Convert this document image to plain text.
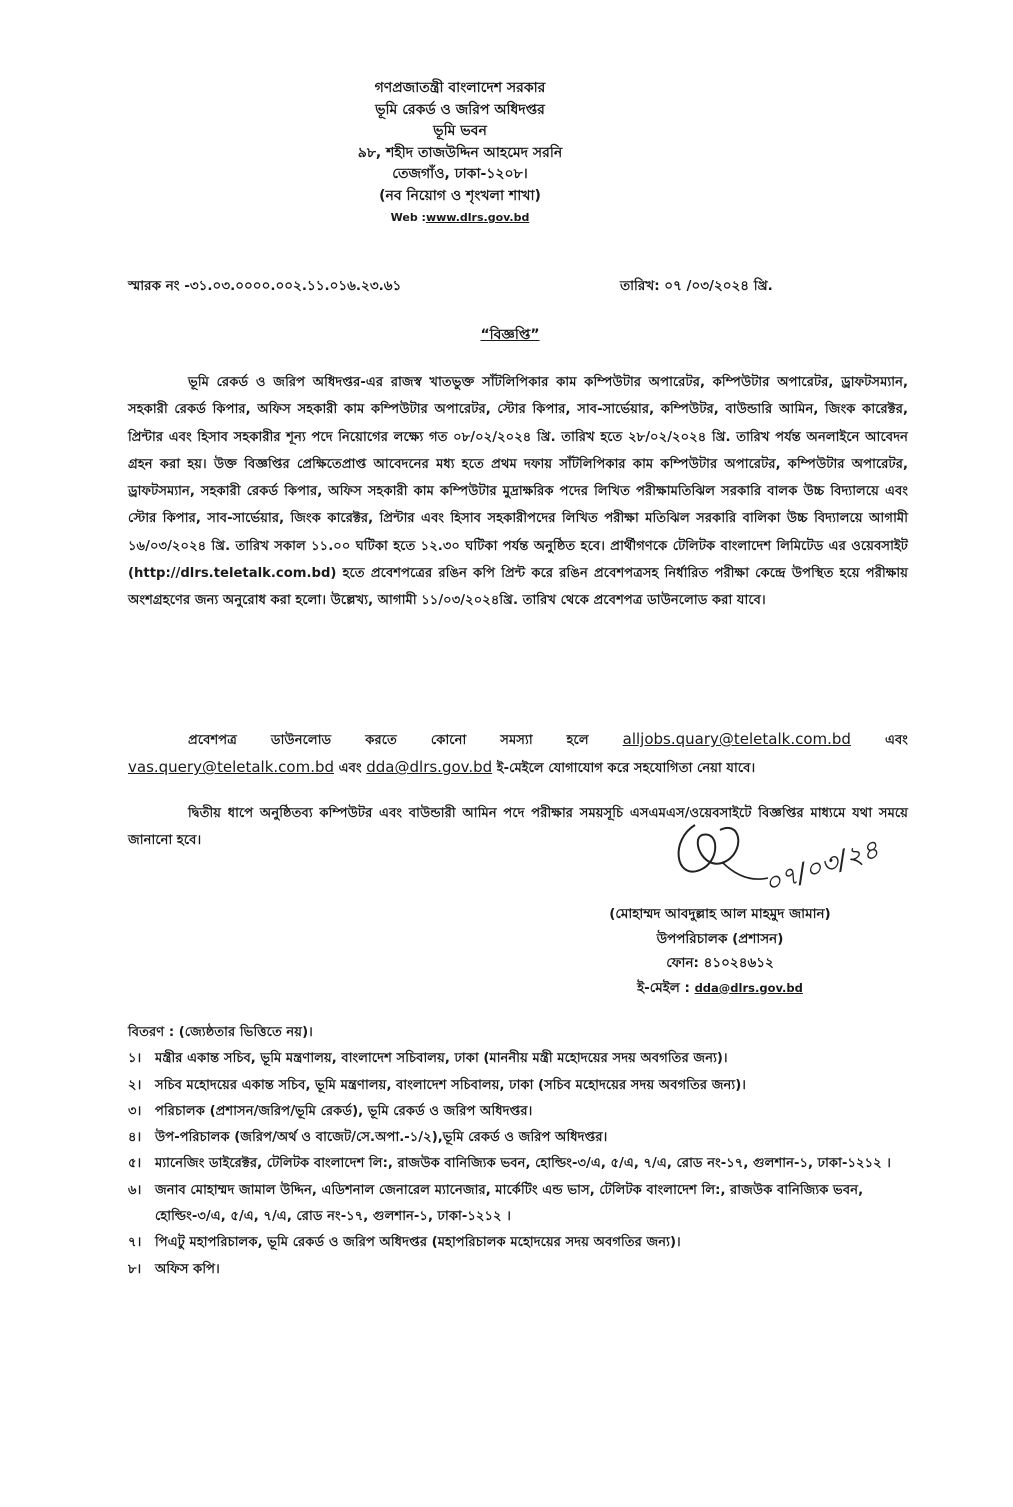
গণপ্রজাতন্ত্রী বাংলাদেশ সরকার
ভূমি রেকর্ড ও জরিপ অধিদপ্তর
ভূমি ভবন
৯৮, শহীদ তাজউদ্দিন আহমেদ সরনি
তেজগাঁও, ঢাকা-১২০৮।
(নব নিয়োগ ও শৃংখলা শাখা)
Web :www.dlrs.gov.bd
স্মারক নং -৩১.০৩.০০০০.০০২.১১.০১৬.২৩.৬১	তারিখ: ০৭ /০৩/২০২৪ খ্রি.
“বিজ্ঞপ্তি”
ভূমি রেকর্ড ও জরিপ অধিদপ্তর-এর রাজস্ব খাতভুক্ত সাঁটলিপিকার কাম কম্পিউটার অপারেটর, কম্পিউটার অপারেটর, ড্রাফটসম্যান, সহকারী রেকর্ড কিপার, অফিস সহকারী কাম কম্পিউটার অপারেটর, স্টোর কিপার, সাব-সার্ভেয়ার, কম্পিউটর, বাউন্ডারি আমিন, জিংক কারেক্টর, প্রিন্টার এবং হিসাব সহকারীর শূন্য পদে নিয়োগের লক্ষ্যে গত ০৮/০২/২০২৪ খ্রি. তারিখ হতে ২৮/০২/২০২৪ খ্রি. তারিখ পর্যন্ত অনলাইনে আবেদন গ্রহন করা হয়। উক্ত বিজ্ঞপ্তির প্রেক্ষিতেপ্রাপ্ত আবেদনের মধ্য হতে প্রথম দফায় সাঁটলিপিকার কাম কম্পিউটার অপারেটর, কম্পিউটার অপারেটর, ড্রাফটসম্যান, সহকারী রেকর্ড কিপার, অফিস সহকারী কাম কম্পিউটার মুদ্রাক্ষরিক পদের লিখিত পরীক্ষামতিঝিল সরকারি বালক উচ্চ বিদ্যালয়ে এবং স্টোর কিপার, সাব-সার্ভেয়ার, জিংক কারেক্টর, প্রিন্টার এবং হিসাব সহকারীপদের লিখিত পরীক্ষা মতিঝিল সরকারি বালিকা উচ্চ বিদ্যালয়ে আগামী ১৬/০৩/২০২৪ খ্রি. তারিখ সকাল ১১.০০ ঘটিকা হতে ১২.৩০ ঘটিকা পর্যন্ত অনুষ্ঠিত হবে। প্রার্থীগণকে টেলিটক বাংলাদেশ লিমিটেড এর ওয়েবসাইট (http://dlrs.teletalk.com.bd) হতে প্রবেশপত্রের রঙিন কপি প্রিন্ট করে রঙিন প্রবেশপত্রসহ নির্ধারিত পরীক্ষা কেন্দ্রে উপস্থিত হয়ে পরীক্ষায় অংশগ্রহণের জন্য অনুরোধ করা হলো। উল্লেখ্য, আগামী ১১/০৩/২০২৪খ্রি. তারিখ থেকে প্রবেশপত্র ডাউনলোড করা যাবে।
প্রবেশপত্র ডাউনলোড করতে কোনো সমস্যা হলে alljobs.quary@teletalk.com.bd	এবং vas.query@teletalk.com.bd এবং dda@dlrs.gov.bd ই-মেইলে যোগাযোগ করে সহযোগিতা নেয়া যাবে।
দ্বিতীয় ধাপে অনুষ্ঠিতব্য কম্পিউটর এবং বাউন্ডারী আমিন পদে পরীক্ষার সময়সূচি এসএমএস/ওয়েবসাইটে বিজ্ঞপ্তির মাধ্যমে যথা সময়ে জানানো হবে।	০৭/০৩/২৪
(মোহাম্মদ আবদুল্লাহ আল মাহমুদ জামান)
উপপরিচালক (প্রশাসন)
ফোন: ৪১০২৪৬১২
ই-মেইল : dda@dlrs.gov.bd
বিতরণ : (জ্যেষ্ঠতার ভিত্তিতে নয়)।
১।	মন্ত্রীর একান্ত সচিব, ভূমি মন্ত্রণালয়, বাংলাদেশ সচিবালয়, ঢাকা (মাননীয় মন্ত্রী মহোদয়ের সদয় অবগতির জন্য)।
২।	সচিব মহোদয়ের একান্ত সচিব, ভূমি মন্ত্রণালয়, বাংলাদেশ সচিবালয়, ঢাকা (সচিব মহোদয়ের সদয় অবগতির জন্য)।
৩।	পরিচালক (প্রশাসন/জরিপ/ভূমি রেকর্ড), ভূমি রেকর্ড ও জরিপ অধিদপ্তর।
৪।	উপ-পরিচালক (জরিপ/অর্থ ও বাজেট/সে.অপা.-১/২),ভূমি রেকর্ড ও জরিপ অধিদপ্তর।
৫।	ম্যানেজিং ডাইরেক্টর, টেলিটক বাংলাদেশ লি:, রাজউক বানিজ্যিক ভবন, হোল্ডিং-৩/এ, ৫/এ, ৭/এ, রোড নং-১৭, গুলশান-১, ঢাকা-১২১২ ।
৬।	জনাব মোহাম্মদ জামাল উদ্দিন, এডিশনাল জেনারেল ম্যানেজার, মার্কেটিং এন্ড ভাস, টেলিটক বাংলাদেশ লি:, রাজউক বানিজ্যিক ভবন, হোল্ডিং-৩/এ, ৫/এ, ৭/এ, রোড নং-১৭, গুলশান-১, ঢাকা-১২১২ ।
৭।	পিএটু মহাপরিচালক, ভূমি রেকর্ড ও জরিপ অধিদপ্তর (মহাপরিচালক মহোদয়ের সদয় অবগতির জন্য)।
৮।	অফিস কপি।
